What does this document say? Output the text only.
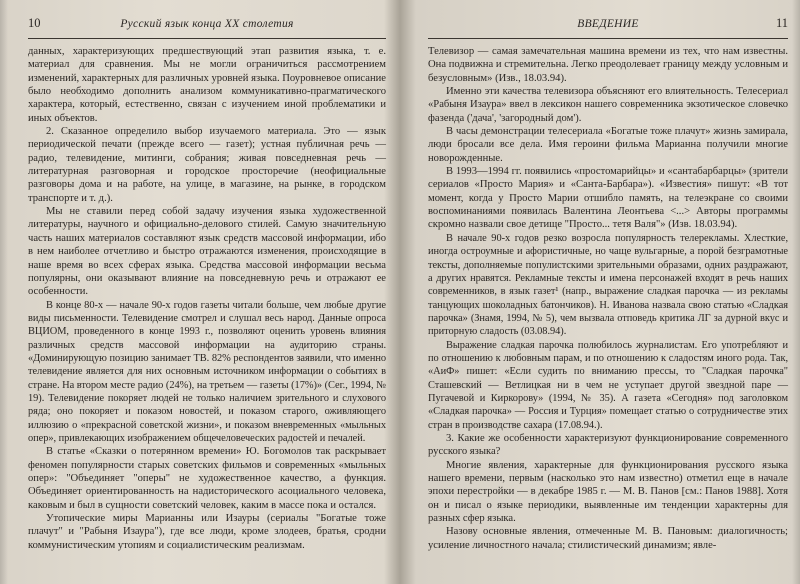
10	Русский язык конца XX столетия

данных, характеризующих предшествующий этап развития языка, т. е. материал для сравнения. Мы не могли ограничиться рассмотрением изменений, характерных для различных уровней языка. Поуровневое описание было необходимо дополнить анализом коммуникативно-прагматического характера, который, естественно, связан с изучением иной проблематики и иных объектов.

2. Сказанное определило выбор изучаемого материала. Это — язык периодической печати (прежде всего — газет); устная публичная речь — радио, телевидение, митинги, собрания; живая повседневная речь — литературная разговорная и городское просторечие (неофициальные разговоры дома и на работе, на улице, в магазине, на рынке, в городском транспорте и т. д.).

Мы не ставили перед собой задачу изучения языка художественной литературы, научного и официально-делового стилей. Самую значительную часть наших материалов составляют язык средств массовой информации, ибо в нем наиболее отчетливо и быстро отражаются изменения, происходящие в наше время во всех сферах языка. Средства массовой информации весьма популярны, они оказывают влияние на повседневную речь и отражают ее особенности.

В конце 80-х — начале 90-х годов газеты читали больше, чем любые другие виды письменности. Телевидение смотрел и слушал весь народ. Данные опроса ВЦИОМ, проведенного в конце 1993 г., позволяют оценить уровень влияния различных средств массовой информации на аудиторию страны. «Доминирующую позицию занимает ТВ. 82% респондентов заявили, что именно телевидение является для них основным источником информации о событиях в стране. На втором месте радио (24%), на третьем — газеты (17%)» (Сег., 1994, № 19). Телевидение покоряет людей не только наличием зрительного и слухового ряда; оно покоряет и показом новостей, и показом старого, оживляющего иллюзию о «прекрасной советской жизни», и показом вневременных «мыльных опер», привлекающих изображением общечеловеческих радостей и печалей.

В статье «Сказки о потерянном времени» Ю. Богомолов так раскрывает феномен популярности старых советских фильмов и современных «мыльных опер»: "Объединяет "оперы" не художественное качество, а функция. Объединяет ориентированность на надисторического асоциального человека, каковым и был в сущности советский человек, каким в массе пока и остался.

Утопические миры Марианны или Изауры (сериалы "Богатые тоже плачут" и "Рабыня Изаура"), где все люди, кроме злодеев, братья, сродни коммунистическим утопиям и социалистическим реализмам.

ВВЕДЕНИЕ	11

Телевизор — самая замечательная машина времени из тех, что нам известны. Она подвижна и стремительна. Легко преодолевает границу между условным и безусловным» (Изв., 18.03.94).

Именно эти качества телевизора объясняют его влиятельность. Телесериал «Рабыня Изаура» ввел в лексикон нашего современника экзотическое словечко фазенда ('дача', 'загородный дом').

В часы демонстрации телесериала «Богатые тоже плачут» жизнь замирала, люди бросали все дела. Имя героини фильма Марианна получили многие новорожденные.

В 1993—1994 гг. появились «простомарийцы» и «сантабарбарцы» (зрители сериалов «Просто Мария» и «Санта-Барбара»). «Известия» пишут: «В тот момент, когда у Просто Марии отшибло память, на телеэкране со своими воспоминаниями появилась Валентина Леонтьева <...> Авторы программы скромно назвали свое детище "Просто... тетя Валя"» (Изв. 18.03.94).

В начале 90-х годов резко возросла популярность телерекламы. Хлесткие, иногда остроумные и афористичные, но чаще вульгарные, а порой безграмотные тексты, дополняемые популистскими зрительными образами, одних раздражают, а других нравятся. Рекламные тексты и имена персонажей входят в речь наших современников, в язык газет¹ (напр., выражение сладкая парочка — из рекламы танцующих шоколадных батончиков). Н. Иванова назвала свою статью «Сладкая парочка» (Знамя, 1994, № 5), чем вызвала отповедь критика ЛГ за дурной вкус и приторную сладость (03.08.94).

Выражение сладкая парочка полюбилось журналистам. Его употребляют и по отношению к любовным парам, и по отношению к сладостям иного рода. Так, «АиФ» пишет: «Если судить по вниманию прессы, то "Сладкая парочка" Сташевский — Ветлицкая ни в чем не уступает другой звездной паре — Пугачевой и Киркорову» (1994, № 35). А газета «Сегодня» под заголовком «Сладкая парочка» — Россия и Турция» помещает статью о сотрудничестве этих стран в производстве сахара (17.08.94.).

3. Какие же особенности характеризуют функционирование современного русского языка?

Многие явления, характерные для функционирования русского языка нашего времени, первым (насколько это нам известно) отметил еще в начале эпохи перестройки — в декабре 1985 г. — М. В. Панов [см.: Панов 1988]. Хотя он и писал о языке периодики, выявленные им тенденции характерны для разных сфер языка.

Назову основные явления, отмеченные М. В. Пановым: диалогичность; усиление личностного начала; стилистический динамизм; явле-
